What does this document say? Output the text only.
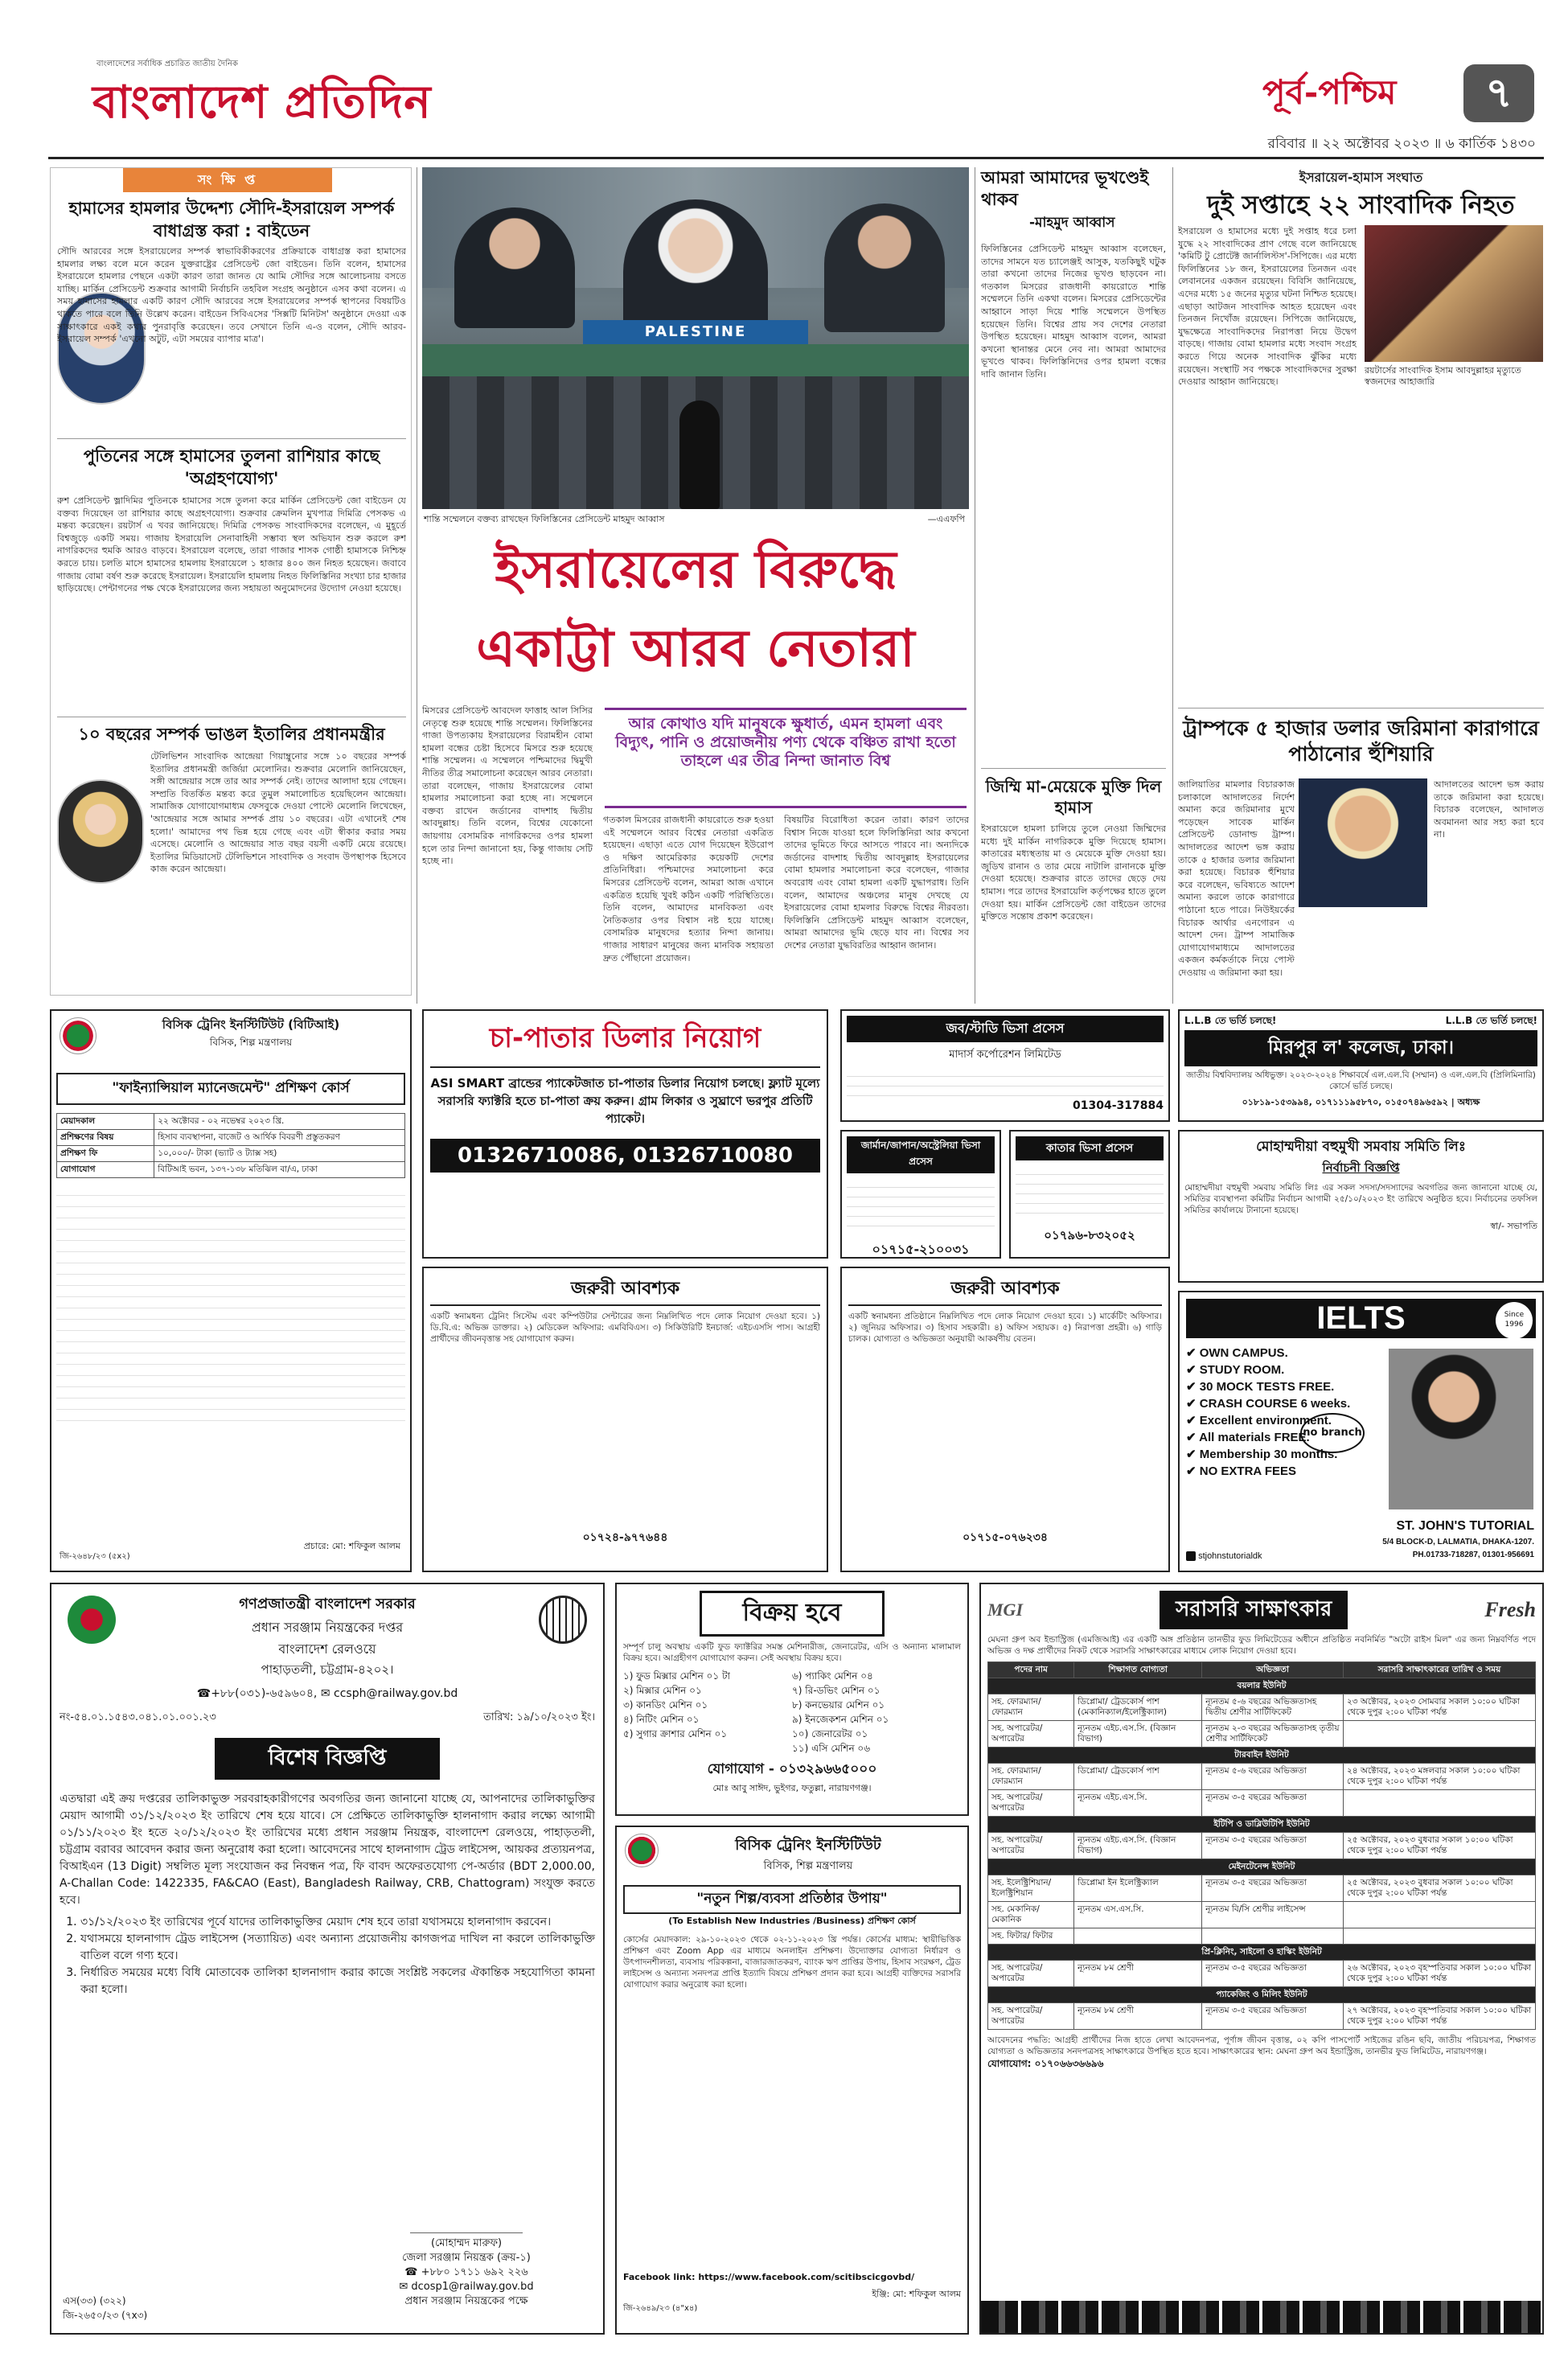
বাংলাদেশের সর্বাধিক প্রচারিত জাতীয় দৈনিক
বাংলাদেশ প্রতিদিন	পূর্ব-পশ্চিম	৭
রবিবার ॥ ২২ অক্টোবর ২০২৩ ॥ ৬ কার্তিক ১৪৩০
সং ক্ষি প্ত
হামাসের হামলার উদ্দেশ্য সৌদি-ইসরায়েল সম্পর্ক বাধাগ্রস্ত করা : বাইডেন
সৌদি আরবের সঙ্গে ইসরায়েলের সম্পর্ক স্বাভাবিকীকরণের প্রক্রিয়াকে বাধাগ্রস্ত করা হামাসের হামলার লক্ষ্য বলে মনে করেন যুক্তরাষ্ট্রের প্রেসিডেন্ট জো বাইডেন। তিনি বলেন, হামাসের ইসরায়েলে হামলার পেছনে একটা কারণ তারা জানত যে আমি সৌদির সঙ্গে আলোচনায় বসতে যাচ্ছি। মার্কিন প্রেসিডেন্ট শুক্রবার আগামী নির্বাচনি তহবিল সংগ্রহ অনুষ্ঠানে এসব কথা বলেন। এ সময় হামাসের হামলার একটি কারণ সৌদি আরবের সঙ্গে ইসরায়েলের সম্পর্ক স্থাপনের বিষয়টিও থাকতে পারে বলে তিনি উল্লেখ করেন। বাইডেন সিবিএসের 'সিক্সটি মিনিটস' অনুষ্ঠানে দেওয়া এক সাক্ষাৎকারে একই কথার পুনরাবৃত্তি করেছেন। তবে সেখানে তিনি এ-ও বলেন, সৌদি আরব-ইসরায়েল সম্পর্ক 'এখনো অটুট, এটা সময়ের ব্যাপার মাত্র'।
পুতিনের সঙ্গে হামাসের তুলনা রাশিয়ার কাছে 'অগ্রহণযোগ্য'
রুশ প্রেসিডেন্ট ভ্লাদিমির পুতিনকে হামাসের সঙ্গে তুলনা করে মার্কিন প্রেসিডেন্ট জো বাইডেন যে বক্তব্য দিয়েছেন তা রাশিয়ার কাছে অগ্রহণযোগ্য। শুক্রবার ক্রেমলিন মুখপাত্র দিমিত্রি পেসকভ এ মন্তব্য করেছেন। রয়টার্স এ খবর জানিয়েছে। দিমিত্রি পেসকভ সাংবাদিকদের বলেছেন, এ মুহূর্তে বিশ্বজুড়ে একটি সময়। গাজায় ইসরায়েলি সেনাবাহিনী সম্ভাব্য স্থল অভিযান শুরু করলে রুশ নাগরিকদের হুমকি আরও বাড়বে। ইসরায়েল বলেছে, তারা গাজার শাসক গোষ্ঠী হামাসকে নিশ্চিহ্ন করতে চায়। চলতি মাসে হামাসের হামলায় ইসরায়েলে ১ হাজার ৪০০ জন নিহত হয়েছেন। জবাবে গাজায় বোমা বর্ষণ শুরু করেছে ইসরায়েল। ইসরায়েলি হামলায় নিহত ফিলিস্তিনির সংখ্যা চার হাজার ছাড়িয়েছে। পেন্টাগনের পক্ষ থেকে ইসরায়েলের জন্য সহায়তা অনুমোদনের উদ্যোগ নেওয়া হয়েছে।
১০ বছরের সম্পর্ক ভাঙল ইতালির প্রধানমন্ত্রীর
টেলিভিশন সাংবাদিক আন্দ্রেয়া গিয়াম্ব্রুনোর সঙ্গে ১০ বছরের সম্পর্ক ইতালির প্রধানমন্ত্রী জর্জিয়া মেলোনির। শুক্রবার মেলোনি জানিয়েছেন, সঙ্গী আন্দ্রেয়ার সঙ্গে তার আর সম্পর্ক নেই। তাদের আলাদা হয়ে গেছেন। সম্প্রতি বিতর্কিত মন্তব্য করে তুমুল সমালোচিত হয়েছিলেন আন্দ্রেয়া। সামাজিক যোগাযোগমাধ্যম ফেসবুকে দেওয়া পোস্টে মেলোনি লিখেছেন, 'আন্দ্রেয়ার সঙ্গে আমার সম্পর্ক প্রায় ১০ বছরের। এটা এখানেই শেষ হলো।' আমাদের পথ ভিন্ন হয়ে গেছে এবং এটা স্বীকার করার সময় এসেছে। মেলোনি ও আন্দ্রেয়ার সাত বছর বয়সী একটি মেয়ে রয়েছে। ইতালির মিডিয়াসেট টেলিভিশনে সাংবাদিক ও সংবাদ উপস্থাপক হিসেবে কাজ করেন আন্দ্রেয়া।
PALESTINE
শান্তি সম্মেলনে বক্তব্য রাখছেন ফিলিস্তিনের প্রেসিডেন্ট মাহমুদ আব্বাস	—এএফপি
ইসরায়েলের বিরুদ্ধে একাট্টা আরব নেতারা
মিসরের প্রেসিডেন্ট আবদেল ফাত্তাহ আল সিসির নেতৃত্বে শুরু হয়েছে শান্তি সম্মেলন। ফিলিস্তিনের গাজা উপত্যকায় ইসরায়েলের বিরামহীন বোমা হামলা বন্ধের চেষ্টা হিসেবে মিসরে শুরু হয়েছে শান্তি সম্মেলন। এ সম্মেলনে পশ্চিমাদের দ্বিমুখী নীতির তীব্র সমালোচনা করেছেন আরব নেতারা। তারা বলেছেন, গাজায় ইসরায়েলের বোমা হামলার সমালোচনা করা হচ্ছে না। সম্মেলনে বক্তব্য রাখেন জর্ডানের বাদশাহ দ্বিতীয় আবদুল্লাহ। তিনি বলেন, বিশ্বের যেকোনো জায়গায় বেসামরিক নাগরিকদের ওপর হামলা হলে তার নিন্দা জানানো হয়, কিন্তু গাজায় সেটি হচ্ছে না।
গতকাল মিসরের রাজধানী কায়রোতে শুরু হওয়া এই সম্মেলনে আরব বিশ্বের নেতারা একত্রিত হয়েছেন। এছাড়া এতে যোগ দিয়েছেন ইউরোপ ও দক্ষিণ আমেরিকার কয়েকটি দেশের প্রতিনিধিরা। পশ্চিমাদের সমালোচনা করে মিসরের প্রেসিডেন্ট বলেন, আমরা আজ এখানে একত্রিত হয়েছি খুবই কঠিন একটি পরিস্থিতিতে। তিনি বলেন, আমাদের মানবিকতা এবং নৈতিকতার ওপর বিশ্বাস নষ্ট হয়ে যাচ্ছে। বেসামরিক মানুষদের হত্যার নিন্দা জানায়। গাজার সাধারণ মানুষের জন্য মানবিক সহায়তা দ্রুত পৌঁছানো প্রয়োজন।
বিষয়টির বিরোধিতা করেন তারা। কারণ তাদের বিশ্বাস নিজে যাওয়া হলে ফিলিস্তিনিরা আর কখনো তাদের ভূমিতে ফিরে আসতে পারবে না। অন্যদিকে জর্ডানের বাদশাহ দ্বিতীয় আবদুল্লাহ ইসরায়েলের বোমা হামলার সমালোচনা করে বলেছেন, গাজার অবরোধ এবং বোমা হামলা একটি যুদ্ধাপরাধ। তিনি বলেন, আমাদের অঞ্চলের মানুষ দেখছে যে ইসরায়েলের বোমা হামলার বিরুদ্ধে বিশ্বের নীরবতা। ফিলিস্তিনি প্রেসিডেন্ট মাহমুদ আব্বাস বলেছেন, আমরা আমাদের ভূমি ছেড়ে যাব না। বিশ্বের সব দেশের নেতারা যুদ্ধবিরতির আহ্বান জানান।
আর কোথাও যদি মানুষকে ক্ষুধার্ত, এমন হামলা এবং বিদ্যুৎ, পানি ও প্রয়োজনীয় পণ্য থেকে বঞ্চিত রাখা হতো তাহলে এর তীব্র নিন্দা জানাত বিশ্ব
আমরা আমাদের ভূখণ্ডেই থাকব
-মাহমুদ আব্বাস
ফিলিস্তিনের প্রেসিডেন্ট মাহমুদ আব্বাস বলেছেন, তাদের সামনে যত চ্যালেঞ্জই আসুক, যতকিছুই ঘটুক তারা কখনো তাদের নিজের ভূখণ্ড ছাড়বেন না। গতকাল মিসরের রাজধানী কায়রোতে শান্তি সম্মেলনে তিনি একথা বলেন। মিসরের প্রেসিডেন্টের আহ্বানে সাড়া দিয়ে শান্তি সম্মেলনে উপস্থিত হয়েছেন তিনি। বিশ্বের প্রায় সব দেশের নেতারা উপস্থিত হয়েছেন। মাহমুদ আব্বাস বলেন, আমরা কখনো স্থানান্তর মেনে নেব না। আমরা আমাদের ভূখণ্ডে থাকব। ফিলিস্তিনিদের ওপর হামলা বন্ধের দাবি জানান তিনি।
জিম্মি মা-মেয়েকে মুক্তি দিল হামাস
ইসরায়েলে হামলা চালিয়ে তুলে নেওয়া জিম্মিদের মধ্যে দুই মার্কিন নাগরিককে মুক্তি দিয়েছে হামাস। কাতারের মধ্যস্থতায় মা ও মেয়েকে মুক্তি দেওয়া হয়। জুডিথ রানান ও তার মেয়ে নাটালি রানানকে মুক্তি দেওয়া হয়েছে। শুক্রবার রাতে তাদের ছেড়ে দেয় হামাস। পরে তাদের ইসরায়েলি কর্তৃপক্ষের হাতে তুলে দেওয়া হয়। মার্কিন প্রেসিডেন্ট জো বাইডেন তাদের মুক্তিতে সন্তোষ প্রকাশ করেছেন।
ইসরায়েল-হামাস সংঘাত
দুই সপ্তাহে ২২ সাংবাদিক নিহত
ইসরায়েল ও হামাসের মধ্যে দুই সপ্তাহ ধরে চলা যুদ্ধে ২২ সাংবাদিকের প্রাণ গেছে বলে জানিয়েছে 'কমিটি টু প্রোটেক্ট জার্নালিস্টস'-সিপিজে। এর মধ্যে ফিলিস্তিনের ১৮ জন, ইসরায়েলের তিনজন এবং লেবাননের একজন রয়েছেন। বিবিসি জানিয়েছে, এদের মধ্যে ১৫ জনের মৃত্যুর ঘটনা নিশ্চিত হয়েছে। এছাড়া আটজন সাংবাদিক আহত হয়েছেন এবং তিনজন নিখোঁজ রয়েছেন। সিপিজে জানিয়েছে, যুদ্ধক্ষেত্রে সাংবাদিকদের নিরাপত্তা নিয়ে উদ্বেগ বাড়ছে। গাজায় বোমা হামলার মধ্যে সংবাদ সংগ্রহ করতে গিয়ে অনেক সাংবাদিক ঝুঁকির মধ্যে রয়েছেন। সংস্থাটি সব পক্ষকে সাংবাদিকদের সুরক্ষা দেওয়ার আহ্বান জানিয়েছে।
রয়টার্সের সাংবাদিক ইসাম আবদুল্লাহর মৃত্যুতে স্বজনদের আহাজারি
ট্রাম্পকে ৫ হাজার ডলার জরিমানা কারাগারে পাঠানোর হুঁশিয়ারি
জালিয়াতির মামলার বিচারকাজ চলাকালে আদালতের নির্দেশ অমান্য করে জরিমানার মুখে পড়েছেন সাবেক মার্কিন প্রেসিডেন্ট ডোনাল্ড ট্রাম্প। আদালতের আদেশ ভঙ্গ করায় তাকে ৫ হাজার ডলার জরিমানা করা হয়েছে। বিচারক হুঁশিয়ার করে বলেছেন, ভবিষ্যতে আদেশ অমান্য করলে তাকে কারাগারে পাঠানো হতে পারে। নিউইয়র্কের বিচারক আর্থার এনগোরন এ আদেশ দেন। ট্রাম্প সামাজিক যোগাযোগমাধ্যমে আদালতের একজন কর্মকর্তাকে নিয়ে পোস্ট দেওয়ায় এ জরিমানা করা হয়।
আদালতের আদেশ ভঙ্গ করায় তাকে জরিমানা করা হয়েছে। বিচারক বলেছেন, আদালত অবমাননা আর সহ্য করা হবে না।
বিসিক ট্রেনিং ইনস্টিটিউট (বিটিআই)
বিসিক, শিল্প মন্ত্রণালয়
"ফাইন্যান্সিয়াল ম্যানেজমেন্ট" প্রশিক্ষণ কোর্স
মেয়াদকাল	২২ অক্টোবর - ০২ নভেম্বর ২০২৩ খ্রি.
প্রশিক্ষণের বিষয়	হিসাব ব্যবস্থাপনা, বাজেট ও আর্থিক বিবরণী প্রস্তুতকরণ
প্রশিক্ষণ ফি	১০,০০০/- টাকা (ভ্যাট ও ট্যাক্স সহ)
যোগাযোগ	বিটিআই ভবন, ১৩৭-১৩৮ মতিঝিল বা/এ, ঢাকা
প্রচারে: মো: শফিকুল আলম
জি-২৬৪৮/২৩ (৫x২)
চা-পাতার ডিলার নিয়োগ
ASI SMART ব্রান্ডের প্যাকেটজাত চা-পাতার ডিলার নিয়োগ চলছে। ফ্ল্যাট মূল্যে সরাসরি ফ্যাক্টরি হতে চা-পাতা ক্রয় করুন। গ্রাম লিকার ও সুঘ্রাণে ভরপুর প্রতিটি প্যাকেট।
01326710086, 01326710080
জব/স্টাডি ভিসা প্রসেস
মাদার্স কর্পোরেশন লিমিটেড
01304-317884
জার্মান/জাপান/অস্ট্রেলিয়া ভিসা প্রসেস
০১৭১৫-২১০০৩১
কাতার ভিসা প্রসেস
০১৭৯৬-৮৩২০৫২
জরুরী আবশ্যক
একটি স্বনামধন্য ট্রেনিং সিস্টেম এবং কম্পিউটার সেন্টারের জন্য নিম্নলিখিত পদে লোক নিয়োগ দেওয়া হবে। ১) ডি.বি.এ: অভিজ্ঞ ডাক্তার। ২) মেডিকেল অফিসার: এমবিবিএস। ৩) সিকিউরিটি ইনচার্জ: এইচএসসি পাস। আগ্রহী প্রার্থীদের জীবনবৃত্তান্ত সহ যোগাযোগ করুন।
০১৭২৪-৯৭৭৬৪৪
জরুরী আবশ্যক
একটি স্বনামধন্য প্রতিষ্ঠানে নিম্নলিখিত পদে লোক নিয়োগ দেওয়া হবে। ১) মার্কেটিং অফিসার। ২) জুনিয়র অফিসার। ৩) হিসাব সহকারী। ৪) অফিস সহায়ক। ৫) নিরাপত্তা প্রহরী। ৬) গাড়ি চালক। যোগ্যতা ও অভিজ্ঞতা অনুযায়ী আকর্ষণীয় বেতন।
০১৭১৫-০৭৬২৩৪
L.L.B তে ভর্তি চলছে!	L.L.B তে ভর্তি চলছে!
মিরপুর ল' কলেজ, ঢাকা।
জাতীয় বিশ্ববিদ্যালয় অধিভুক্ত। ২০২৩-২০২৪ শিক্ষাবর্ষে এল.এল.বি (সম্মান) ও এল.এল.বি (প্রিলিমিনারি) কোর্সে ভর্তি চলছে।
০১৮১৯-১৫৩৯৯৪, ০১৭১১১৯৫৮৭০, ০১৫০৭৪৯৬৫৯২ | অধ্যক্ষ
মোহাম্মদীয়া বহুমুখী সমবায় সমিতি লিঃ
নির্বাচনী বিজ্ঞপ্তি
মোহাম্মদীয়া বহুমুখী সমবায় সমিতি লিঃ এর সকল সদস্য/সদস্যাদের অবগতির জন্য জানানো যাচ্ছে যে, সমিতির ব্যবস্থাপনা কমিটির নির্বাচন আগামী ২৫/১০/২০২৩ ইং তারিখে অনুষ্ঠিত হবে। নির্বাচনের তফসিল সমিতির কার্যালয়ে টানানো হয়েছে।
স্বা/- সভাপতি
IELTS	Since 1996
✔ OWN CAMPUS.
✔ STUDY ROOM.
✔ 30 MOCK TESTS FREE.
✔ CRASH COURSE 6 weeks.
✔ Excellent environment.
✔ All materials FREE.
✔ Membership 30 months.
✔ NO EXTRA FEES
no branch
stjohnstutorialdk
ST. JOHN'S TUTORIAL
5/4 BLOCK-D, LALMATIA, DHAKA-1207.
PH.01733-718287, 01301-956691
গণপ্রজাতন্ত্রী বাংলাদেশ সরকার
প্রধান সরঞ্জাম নিয়ন্ত্রকের দপ্তর
বাংলাদেশ রেলওয়ে
পাহাড়তলী, চট্টগ্রাম-৪২০২।
☎+৮৮(০৩১)-৬৫৯৬০৪, ✉ ccsph@railway.gov.bd
নং-৫৪.০১.১৫৪৩.০৪১.০১.০০১.২৩	তারিখ: ১৯/১০/২০২৩ ইং।
বিশেষ বিজ্ঞপ্তি
এতদ্বারা এই ক্রয় দপ্তরের তালিকাভুক্ত সরবরাহকারীগণের অবগতির জন্য জানানো যাচ্ছে যে, আপনাদের তালিকাভুক্তির মেয়াদ আগামী ৩১/১২/২০২৩ ইং তারিখে শেষ হয়ে যাবে। সে প্রেক্ষিতে তালিকাভুক্তি হালনাগাদ করার লক্ষ্যে আগামী ০১/১১/২০২৩ ইং হতে ২০/১২/২০২৩ ইং তারিখের মধ্যে প্রধান সরঞ্জাম নিয়ন্ত্রক, বাংলাদেশ রেলওয়ে, পাহাড়তলী, চট্টগ্রাম বরাবর আবেদন করার জন্য অনুরোধ করা হলো। আবেদনের সাথে হালনাগাদ ট্রেড লাইসেন্স, আয়কর প্রত্যয়নপত্র, বিআইএন (13 Digit) সম্বলিত মূল্য সংযোজন কর নিবন্ধন পত্র, ফি বাবদ অফেরতযোগ্য পে-অর্ডার (BDT 2,000.00, A-Challan Code: 1422335, FA&CAO (East), Bangladesh Railway, CRB, Chattogram) সংযুক্ত করতে হবে।
1. ৩১/১২/২০২৩ ইং তারিখের পূর্বে যাদের তালিকাভুক্তির মেয়াদ শেষ হবে তারা যথাসময়ে হালনাগাদ করবেন।
2. যথাসময়ে হালনাগাদ ট্রেড লাইসেন্স (সত্যায়িত) এবং অন্যান্য প্রয়োজনীয় কাগজপত্র দাখিল না করলে তালিকাভুক্তি বাতিল বলে গণ্য হবে।
3. নির্ধারিত সময়ের মধ্যে বিধি মোতাবেক তালিকা হালনাগাদ করার কাজে সংশ্লিষ্ট সকলের ঐকান্তিক সহযোগিতা কামনা করা হলো।
(মোহাম্মদ মারুফ)
জেলা সরঞ্জাম নিয়ন্ত্রক (ক্রয়-১)
☎ +৮৮০ ১৭১১ ৬৯২ ২২৬
✉ dcosp1@railway.gov.bd
প্রধান সরঞ্জাম নিয়ন্ত্রকের পক্ষে
এস(৩৩) (৩২২)
জি-২৬৫০/২৩ (৭x৩)
বিক্রয় হবে
সম্পূর্ণ চালু অবস্থায় একটি ফুড ফ্যাক্টরির সমস্ত মেশিনারীজ, জেনারেটর, এসি ও অন্যান্য মালামাল বিক্রয় হবে। আগ্রহীগণ যোগাযোগ করুন। সেই অবস্থায় বিক্রয় হবে।
১) ফুড মিক্সার মেশিন ০১ টা
২) মিক্সার মেশিন ০১
৩) কানডিং মেশিন ০১
৪) নিটিং মেশিন ০১
৫) সুগার ক্রাশার মেশিন ০১
৬) প্যাকিং মেশিন ০৪
৭) রি-ডভিং মেশিন ০১
৮) কনভেয়ার মেশিন ০১
৯) ইনজেকশন মেশিন ০১
১০) জেনারেটর ০১
১১) এসি মেশিন ০৬
যোগাযোগ - ০১৩২৯৬৬৫০০০
মোঃ আবু সাঈদ, ভুইগর, ফতুল্লা, নারায়ণগঞ্জ।
বিসিক ট্রেনিং ইনস্টিটিউট
বিসিক, শিল্প মন্ত্রণালয়
"নতুন শিল্প/ব্যবসা প্রতিষ্ঠার উপায়"
(To Establish New Industries /Business) প্রশিক্ষণ কোর্স
কোর্সের মেয়াদকাল: ২৯-১০-২০২৩ থেকে ০২-১১-২০২৩ খ্রি পর্যন্ত। কোর্সের মাধ্যম: স্থায়ীভিত্তিক প্রশিক্ষণ এবং Zoom App এর মাধ্যমে অনলাইন প্রশিক্ষণ। উদ্যোক্তার যোগ্যতা নির্ধারণ ও উৎপাদনশীলতা, ব্যবসায় পরিকল্পনা, বাজারজাতকরণ, ব্যাংক ঋণ প্রাপ্তির উপায়, হিসাব সংরক্ষণ, ট্রেড লাইসেন্স ও অন্যান্য সনদপত্র প্রাপ্তি ইত্যাদি বিষয়ে প্রশিক্ষণ প্রদান করা হবে। আগ্রহী ব্যক্তিদের সরাসরি যোগাযোগ করার অনুরোধ করা হলো।
Facebook link: https://www.facebook.com/scitibscicgovbd/
ইঞ্জি: মো: শফিকুল আলম
জি-২৬৪৯/২৩ (৪"x৪)
MGI	সরাসরি সাক্ষাৎকার	Fresh
মেঘনা গ্রুপ অব ইন্ডাস্ট্রিজ (এমজিআই) এর একটি অঙ্গ প্রতিষ্ঠান তানভীর ফুড লিমিটেডের অধীনে প্রতিষ্ঠিত নবনির্মিত "অটো রাইস মিল" এর জন্য নিম্নবর্ণিত পদে অভিজ্ঞ ও দক্ষ প্রার্থীদের নিকট থেকে সরাসরি সাক্ষাৎকারের মাধ্যমে লোক নিয়োগ দেওয়া হবে।
পদের নাম	শিক্ষাগত যোগ্যতা	অভিজ্ঞতা	সরাসরি সাক্ষাৎকারের তারিখ ও সময়
বয়লার ইউনিট			
সহ. ফোরম্যান/ ফোরম্যান	ডিপ্লোমা/ ট্রেডকোর্স পাশ (মেকানিক্যাল/ইলেক্ট্রিক্যাল)	ন্যূনতম ৫-৬ বছরের অভিজ্ঞতাসহ দ্বিতীয় শ্রেণীর সার্টিফিকেট	২৩ অক্টোবর, ২০২৩ সোমবার সকাল ১০:০০ ঘটিকা থেকে দুপুর ২:০০ ঘটিকা পর্যন্ত
সহ. অপারেটর/ অপারেটর	ন্যূনতম এইচ.এস.সি. (বিজ্ঞান বিভাগ)	ন্যূনতম ২-৩ বছরের অভিজ্ঞতাসহ তৃতীয় শ্রেণীর সার্টিফিকেট	
টারবাইন ইউনিট			
সহ. ফোরম্যান/ ফোরম্যান	ডিপ্লোমা/ ট্রেডকোর্স পাশ	ন্যূনতম ৫-৬ বছরের অভিজ্ঞতা	২৪ অক্টোবর, ২০২৩ মঙ্গলবার সকাল ১০:০০ ঘটিকা থেকে দুপুর ২:০০ ঘটিকা পর্যন্ত
সহ. অপারেটর/ অপারেটর	ন্যূনতম এইচ.এস.সি.	ন্যূনতম ৩-৫ বছরের অভিজ্ঞতা	
ইটিপি ও ডাব্লিউটিপি ইউনিট			
সহ. অপারেটর/ অপারেটর	ন্যূনতম এইচ.এস.সি. (বিজ্ঞান বিভাগ)	ন্যূনতম ৩-৫ বছরের অভিজ্ঞতা	২৫ অক্টোবর, ২০২৩ বুধবার সকাল ১০:০০ ঘটিকা থেকে দুপুর ২:০০ ঘটিকা পর্যন্ত
মেইনটেনেন্স ইউনিট			
সহ. ইলেক্ট্রিশিয়ান/ ইলেক্ট্রিশিয়ান	ডিপ্লোমা ইন ইলেক্ট্রিক্যাল	ন্যূনতম ৩-৫ বছরের অভিজ্ঞতা	২৫ অক্টোবর, ২০২৩ বুধবার সকাল ১০:০০ ঘটিকা থেকে দুপুর ২:০০ ঘটিকা পর্যন্ত
সহ. মেকানিক/ মেকানিক	ন্যূনতম এস.এস.সি.	ন্যূনতম বি/সি শ্রেণীর লাইসেন্স	
সহ. ফিটার/ ফিটার			
প্রি-ক্লিনিং, সাইলো ও হাস্কিং ইউনিট			
সহ. অপারেটর/ অপারেটর	ন্যূনতম ৮ম শ্রেণী	ন্যূনতম ৩-৫ বছরের অভিজ্ঞতা	২৬ অক্টোবর, ২০২৩ বৃহস্পতিবার সকাল ১০:০০ ঘটিকা থেকে দুপুর ২:০০ ঘটিকা পর্যন্ত
প্যাকেজিং ও মিলিং ইউনিট			
সহ. অপারেটর/ অপারেটর	ন্যূনতম ৮ম শ্রেণী	ন্যূনতম ৩-৫ বছরের অভিজ্ঞতা	২৭ অক্টোবর, ২০২৩ বৃহস্পতিবার সকাল ১০:০০ ঘটিকা থেকে দুপুর ২:০০ ঘটিকা পর্যন্ত
আবেদনের পদ্ধতি: আগ্রহী প্রার্থীদের নিজ হাতে লেখা আবেদনপত্র, পূর্ণাঙ্গ জীবন বৃত্তান্ত, ০২ কপি পাসপোর্ট সাইজের রঙিন ছবি, জাতীয় পরিচয়পত্র, শিক্ষাগত যোগ্যতা ও অভিজ্ঞতার সনদপত্রসহ সাক্ষাৎকারে উপস্থিত হতে হবে। সাক্ষাৎকারের স্থান: মেঘনা গ্রুপ অব ইন্ডাস্ট্রিজ, তানভীর ফুড লিমিটেড, নারায়ণগঞ্জ।
যোগাযোগ: ০১৭০৬৬৩৬৬৯৬
